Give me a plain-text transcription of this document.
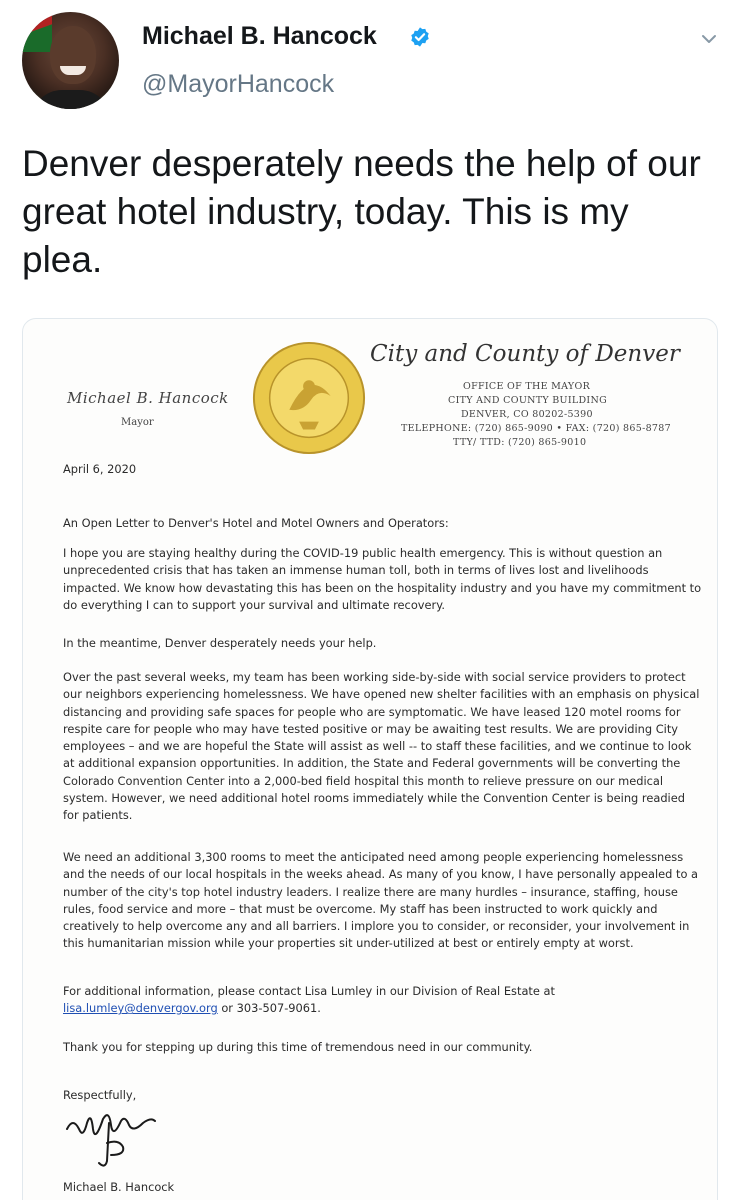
Michael B. Hancock
@MayorHancock
Denver desperately needs the help of our great hotel industry, today. This is my plea.
Michael B. Hancock
Mayor
City and County of Denver
OFFICE OF THE MAYOR
CITY AND COUNTY BUILDING
DENVER, CO 80202-5390
TELEPHONE: (720) 865-9090 • FAX: (720) 865-8787
TTY/ TTD: (720) 865-9010
April 6, 2020
An Open Letter to Denver's Hotel and Motel Owners and Operators:
I hope you are staying healthy during the COVID-19 public health emergency. This is without question an unprecedented crisis that has taken an immense human toll, both in terms of lives lost and livelihoods impacted. We know how devastating this has been on the hospitality industry and you have my commitment to do everything I can to support your survival and ultimate recovery.
In the meantime, Denver desperately needs your help.
Over the past several weeks, my team has been working side-by-side with social service providers to protect our neighbors experiencing homelessness. We have opened new shelter facilities with an emphasis on physical distancing and providing safe spaces for people who are symptomatic. We have leased 120 motel rooms for respite care for people who may have tested positive or may be awaiting test results. We are providing City employees – and we are hopeful the State will assist as well -- to staff these facilities, and we continue to look at additional expansion opportunities. In addition, the State and Federal governments will be converting the Colorado Convention Center into a 2,000-bed field hospital this month to relieve pressure on our medical system. However, we need additional hotel rooms immediately while the Convention Center is being readied for patients.
We need an additional 3,300 rooms to meet the anticipated need among people experiencing homelessness and the needs of our local hospitals in the weeks ahead. As many of you know, I have personally appealed to a number of the city's top hotel industry leaders. I realize there are many hurdles – insurance, staffing, house rules, food service and more – that must be overcome. My staff has been instructed to work quickly and creatively to help overcome any and all barriers. I implore you to consider, or reconsider, your involvement in this humanitarian mission while your properties sit under-utilized at best or entirely empty at worst.
For additional information, please contact Lisa Lumley in our Division of Real Estate at lisa.lumley@denvergov.org or 303-507-9061.
Thank you for stepping up during this time of tremendous need in our community.
Respectfully,
Michael B. Hancock
